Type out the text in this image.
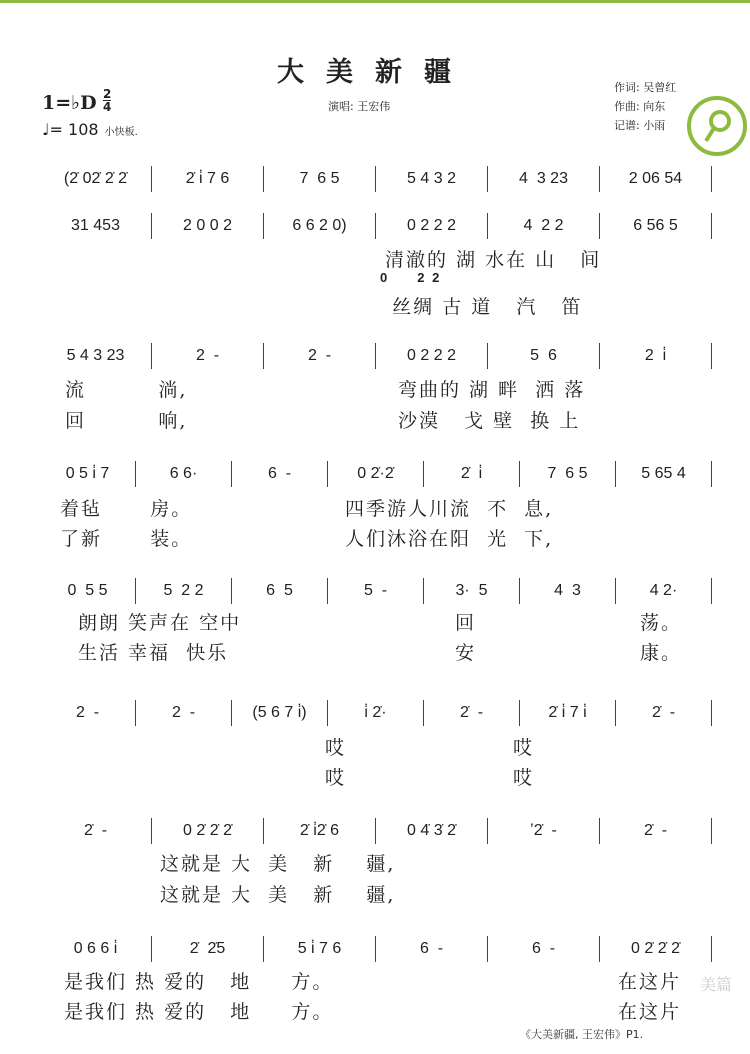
大美新疆
1=♭D 2
4
♩= 108 小快板.
演唱: 王宏伟
作词: 吴曾红
作曲: 向东
记谱: 小雨
(2̇ 02̇ 2̇ 2̇	2̇ i̇ 7 6	7  6 5	5 4 3 2	4  3 23	2 06 54
31 453	2 0 0 2	6 6 2 0)	0 2 2 2	4  2 2	6 56 5
5 4 3 23	2  -	2  -	0 2 2 2	5  6	2  i̇
0 5 i̇ 7	6 6·	6  -	0 2̇·2̇	2̇  i̇	7  6 5	5 65 4
0  5 5	5  2 2	6  5	5  -	3·  5	4  3	4 2·
2  -	2  -	(5 6 7 i̇)	i̇ 2̇·	2̇  -	2̇ i̇ 7 i̇	2̇  -
2̇  -	0 2̇ 2̇ 2̇	2̇ i̇2̇ 6	0 4̇ 3̇ 2̇	ʼ2̇  -	2̇  -
0 6 6 i̇	2̇  2̇5	5 i̇ 7 6	6  -	6  -	0 2̇ 2̇ 2̇
清澈的 湖 水在 山   间
0     2 2
丝绸 古 道   汽   笛
流         淌,	弯曲的 湖 畔  洒 落
回         响,	沙漠   戈 壁  换 上
着毡      房。	四季游人川流  不  息,
了新      装。	人们沐浴在阳  光  下,
朗朗 笑声在 空中	回	荡。
生活 幸福  快乐	安	康。
哎	哎
哎	哎
这就是 大  美   新    疆,
这就是 大  美   新    疆,
是我们 热 爱的   地     方。	在这片
是我们 热 爱的   地     方。	在这片
《大美新疆, 王宏伟》P1.
美篇
